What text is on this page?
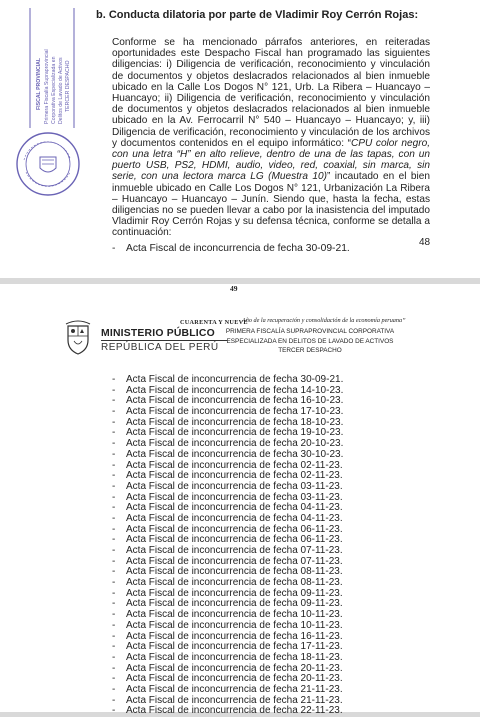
FISCAL PROVINCIAL Primera Fiscalía Supraprovincial Corporativa Especializada en Delitos de Lavado de Activos TERCER DESPACHO
b. Conducta dilatoria por parte de Vladimir Roy Cerrón Rojas:
Conforme se ha mencionado párrafos anteriores, en reiteradas oportunidades este Despacho Fiscal han programado las siguientes diligencias: i) Diligencia de verificación, reconocimiento y vinculación de documentos y objetos deslacrados relacionados al bien inmueble ubicado en la Calle Los Dogos N° 121, Urb. La Ribera – Huancayo – Huancayo; ii) Diligencia de verificación, reconocimiento y vinculación de documentos y objetos deslacrados relacionados al bien inmueble ubicado en la Av. Ferrocarril N° 540 – Huancayo – Huancayo; y, iii) Diligencia de verificación, reconocimiento y vinculación de los archivos y documentos contenidos en el equipo informático: “CPU color negro, con una letra “H” en alto relieve, dentro de una de las tapas, con un puerto USB, PS2, HDMI, audio, video, red, coaxial, sin marca, sin serie, con una lectora marca LG (Muestra 10)” incautado en el bien inmueble ubicado en Calle Los Dogos N° 121, Urbanización La Ribera – Huancayo – Huancayo – Junín. Siendo que, hasta la fecha, estas diligencias no se pueden llevar a cabo por la inasistencia del imputado Vladimir Roy Cerrón Rojas y su defensa técnica, conforme se detalla a continuación:
- Acta Fiscal de inconcurrencia de fecha 30-09-21.
48
49
CUARENTA Y NUEVE
Año de la recuperación y consolidación de la economía peruana”
PRIMERA FISCALÍA SUPRAPROVINCIAL CORPORATIVA
ESPECIALIZADA EN DELITOS DE LAVADO DE ACTIVOS
TERCER DESPACHO
MINISTERIO PÚBLICO
REPÚBLICA DEL PERÚ
- Acta Fiscal de inconcurrencia de fecha 30-09-21.
- Acta Fiscal de inconcurrencia de fecha 14-10-23.
- Acta Fiscal de inconcurrencia de fecha 16-10-23.
- Acta Fiscal de inconcurrencia de fecha 17-10-23.
- Acta Fiscal de inconcurrencia de fecha 18-10-23.
- Acta Fiscal de inconcurrencia de fecha 19-10-23.
- Acta Fiscal de inconcurrencia de fecha 20-10-23.
- Acta Fiscal de inconcurrencia de fecha 30-10-23.
- Acta Fiscal de inconcurrencia de fecha 02-11-23.
- Acta Fiscal de inconcurrencia de fecha 02-11-23.
- Acta Fiscal de inconcurrencia de fecha 03-11-23.
- Acta Fiscal de inconcurrencia de fecha 03-11-23.
- Acta Fiscal de inconcurrencia de fecha 04-11-23.
- Acta Fiscal de inconcurrencia de fecha 04-11-23.
- Acta Fiscal de inconcurrencia de fecha 06-11-23.
- Acta Fiscal de inconcurrencia de fecha 06-11-23.
- Acta Fiscal de inconcurrencia de fecha 07-11-23.
- Acta Fiscal de inconcurrencia de fecha 07-11-23.
- Acta Fiscal de inconcurrencia de fecha 08-11-23.
- Acta Fiscal de inconcurrencia de fecha 08-11-23.
- Acta Fiscal de inconcurrencia de fecha 09-11-23.
- Acta Fiscal de inconcurrencia de fecha 09-11-23.
- Acta Fiscal de inconcurrencia de fecha 10-11-23.
- Acta Fiscal de inconcurrencia de fecha 10-11-23.
- Acta Fiscal de inconcurrencia de fecha 16-11-23.
- Acta Fiscal de inconcurrencia de fecha 17-11-23.
- Acta Fiscal de inconcurrencia de fecha 18-11-23.
- Acta Fiscal de inconcurrencia de fecha 20-11-23.
- Acta Fiscal de inconcurrencia de fecha 20-11-23.
- Acta Fiscal de inconcurrencia de fecha 21-11-23.
- Acta Fiscal de inconcurrencia de fecha 21-11-23.
- Acta Fiscal de inconcurrencia de fecha 22-11-23.
